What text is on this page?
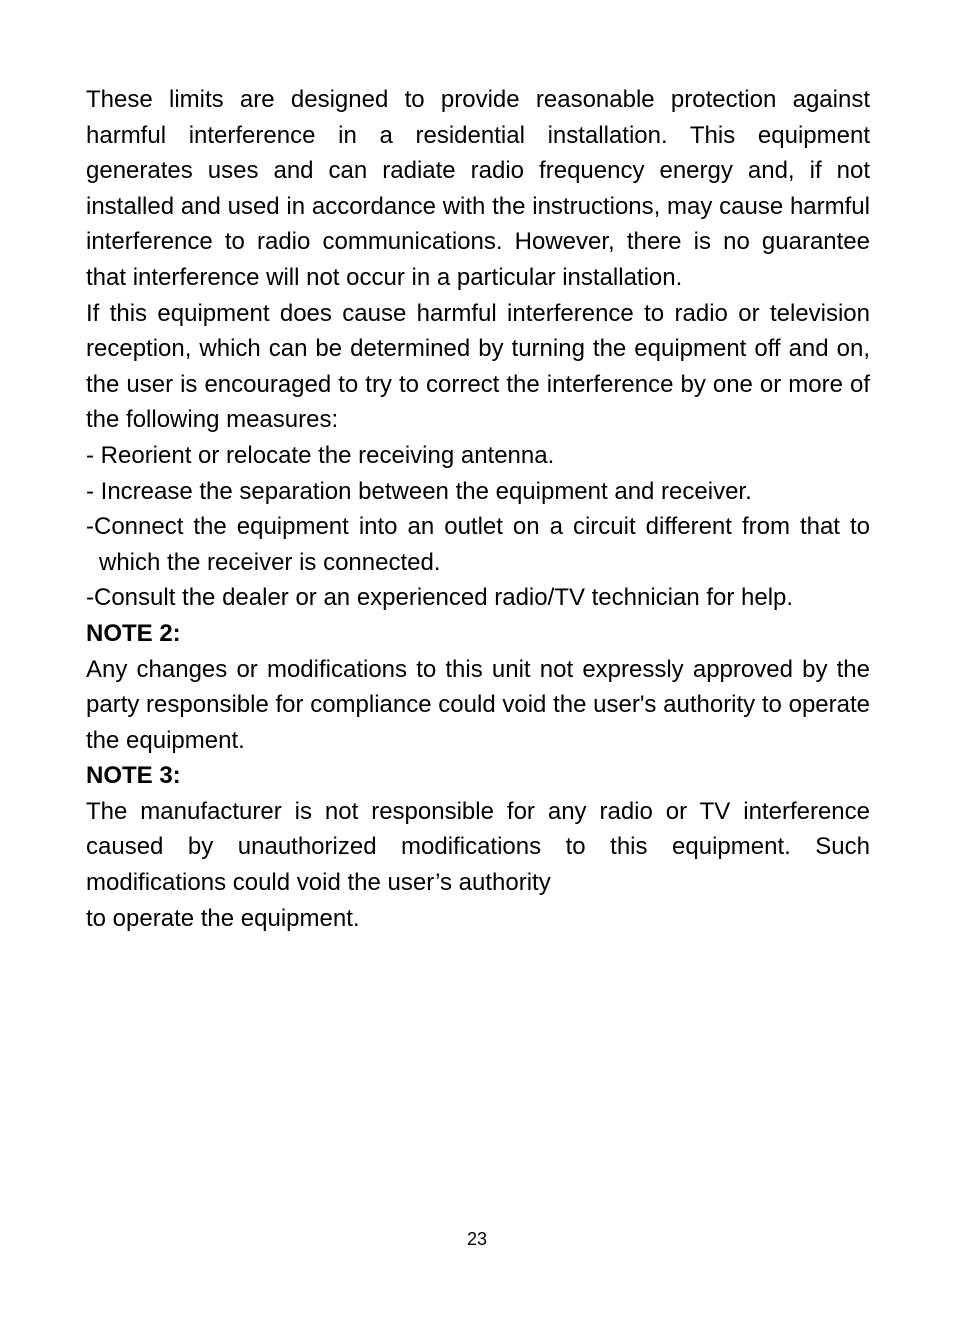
These limits are designed to provide reasonable protection against harmful interference in a residential installation. This equipment generates uses and can radiate radio frequency energy and, if not installed and used in accordance with the instructions, may cause harmful interference to radio communications. However, there is no guarantee that interference will not occur in a particular installation.

If this equipment does cause harmful interference to radio or television reception, which can be determined by turning the equipment off and on, the user is encouraged to try to correct the interference by one or more of the following measures:

- Reorient or relocate the receiving antenna.

- Increase the separation between the equipment and receiver.

-Connect the equipment into an outlet on a circuit different from that to which the receiver is connected.

-Consult the dealer or an experienced radio/TV technician for help.

NOTE 2:

Any changes or modifications to this unit not expressly approved by the party responsible for compliance could void the user's authority to operate the equipment.

NOTE 3:

The manufacturer is not responsible for any radio or TV interference caused by unauthorized modifications to this equipment. Such modifications could void the user’s authority

to operate the equipment.

23
